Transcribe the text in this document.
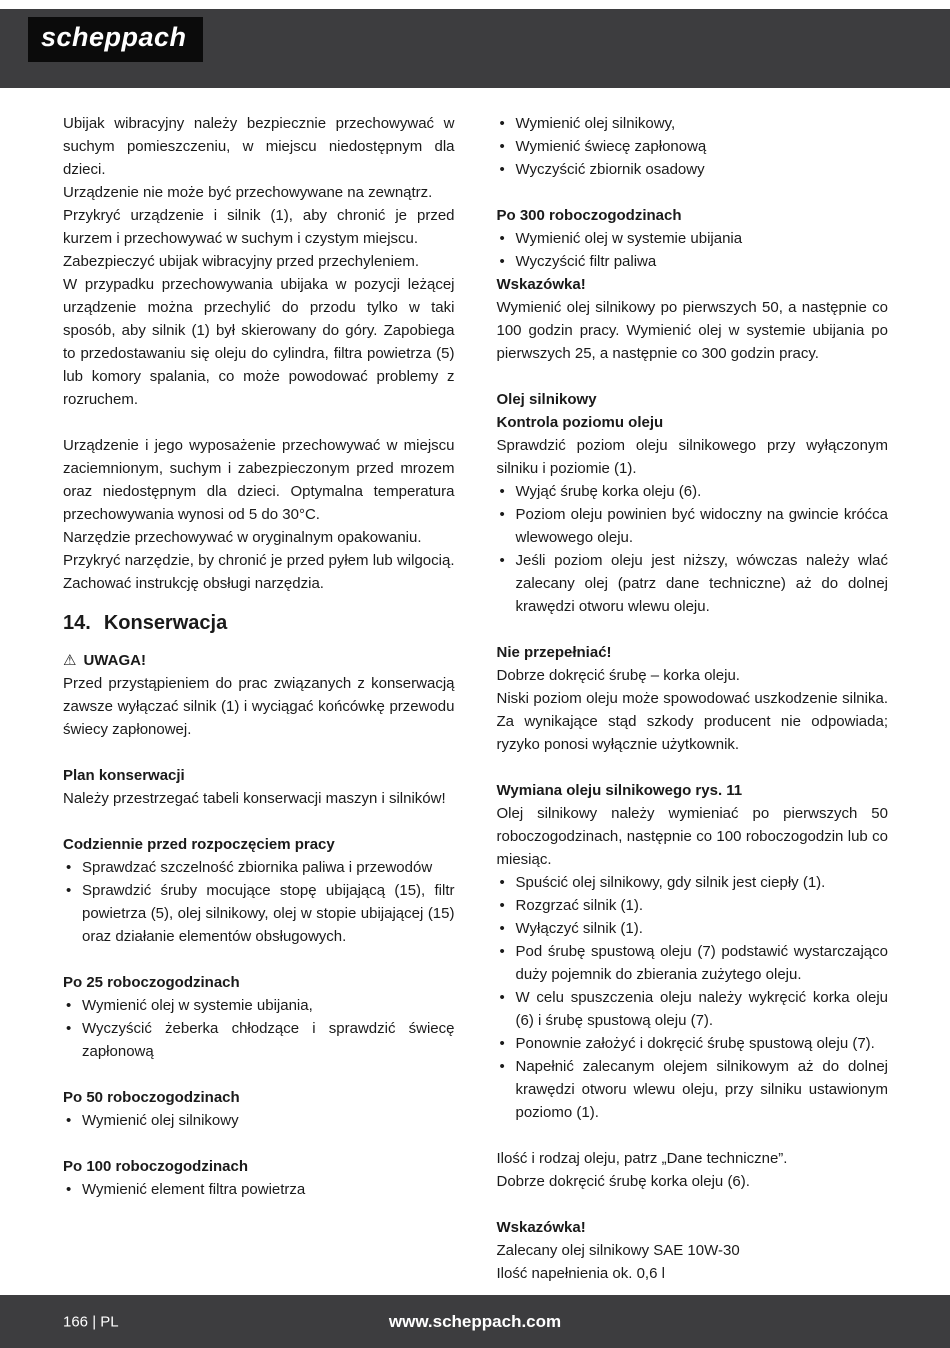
scheppach

Ubijak wibracyjny należy bezpiecznie przechowywać w suchym pomieszczeniu, w miejscu niedostępnym dla dzieci.

Urządzenie nie może być przechowywane na zewnątrz.

Przykryć urządzenie i silnik (1), aby chronić je przed kurzem i przechowywać w suchym i czystym miejscu.

Zabezpieczyć ubijak wibracyjny przed przechyleniem.

W przypadku przechowywania ubijaka w pozycji leżącej urządzenie można przechylić do przodu tylko w taki sposób, aby silnik (1) był skierowany do góry. Zapobiega to przedostawaniu się oleju do cylindra, filtra powietrza (5) lub komory spalania, co może powodować problemy z rozruchem.

Urządzenie i jego wyposażenie przechowywać w miejscu zaciemnionym, suchym i zabezpieczonym przed mrozem oraz niedostępnym dla dzieci. Optymalna temperatura przechowywania wynosi od 5 do 30°C.

Narzędzie przechowywać w oryginalnym opakowaniu.

Przykryć narzędzie, by chronić je przed pyłem lub wilgocią. Zachować instrukcję obsługi narzędzia.

14. Konserwacja

⚠ UWAGA!

Przed przystąpieniem do prac związanych z konserwacją zawsze wyłączać silnik (1) i wyciągać końcówkę przewodu świecy zapłonowej.

Plan konserwacji

Należy przestrzegać tabeli konserwacji maszyn i silników!

Codziennie przed rozpoczęciem pracy

• Sprawdzać szczelność zbiornika paliwa i przewodów
• Sprawdzić śruby mocujące stopę ubijającą (15), filtr powietrza (5), olej silnikowy, olej w stopie ubijającej (15) oraz działanie elementów obsługowych.

Po 25 roboczogodzinach

• Wymienić olej w systemie ubijania,
• Wyczyścić żeberka chłodzące i sprawdzić świecę zapłonową

Po 50 roboczogodzinach

• Wymienić olej silnikowy

Po 100 roboczogodzinach

• Wymienić element filtra powietrza
• Wymienić olej silnikowy,
• Wymienić świecę zapłonową
• Wyczyścić zbiornik osadowy

Po 300 roboczogodzinach

• Wymienić olej w systemie ubijania
• Wyczyścić filtr paliwa

Wskazówka!

Wymienić olej silnikowy po pierwszych 50, a następnie co 100 godzin pracy. Wymienić olej w systemie ubijania po pierwszych 25, a następnie co 300 godzin pracy.

Olej silnikowy

Kontrola poziomu oleju

Sprawdzić poziom oleju silnikowego przy wyłączonym silniku i poziomie (1).

• Wyjąć śrubę korka oleju (6).
• Poziom oleju powinien być widoczny na gwincie króćca wlewowego oleju.
• Jeśli poziom oleju jest niższy, wówczas należy wlać zalecany olej (patrz dane techniczne) aż do dolnej krawędzi otworu wlewu oleju.

Nie przepełniać!

Dobrze dokręcić śrubę – korka oleju.

Niski poziom oleju może spowodować uszkodzenie silnika. Za wynikające stąd szkody producent nie odpowiada; ryzyko ponosi wyłącznie użytkownik.

Wymiana oleju silnikowego rys. 11

Olej silnikowy należy wymieniać po pierwszych 50 roboczogodzinach, następnie co 100 roboczogodzin lub co miesiąc.

• Spuścić olej silnikowy, gdy silnik jest ciepły (1).
• Rozgrzać silnik (1).
• Wyłączyć silnik (1).
• Pod śrubę spustową oleju (7) podstawić wystarczająco duży pojemnik do zbierania zużytego oleju.
• W celu spuszczenia oleju należy wykręcić korka oleju (6) i śrubę spustową oleju (7).
• Ponownie założyć i dokręcić śrubę spustową oleju (7).
• Napełnić zalecanym olejem silnikowym aż do dolnej krawędzi otworu wlewu oleju, przy silniku ustawionym poziomo (1).

Ilość i rodzaj oleju, patrz „Dane techniczne”.

Dobrze dokręcić śrubę korka oleju (6).

Wskazówka!

Zalecany olej silnikowy SAE 10W-30

Ilość napełnienia ok. 0,6 l

166 | PL	www.scheppach.com
